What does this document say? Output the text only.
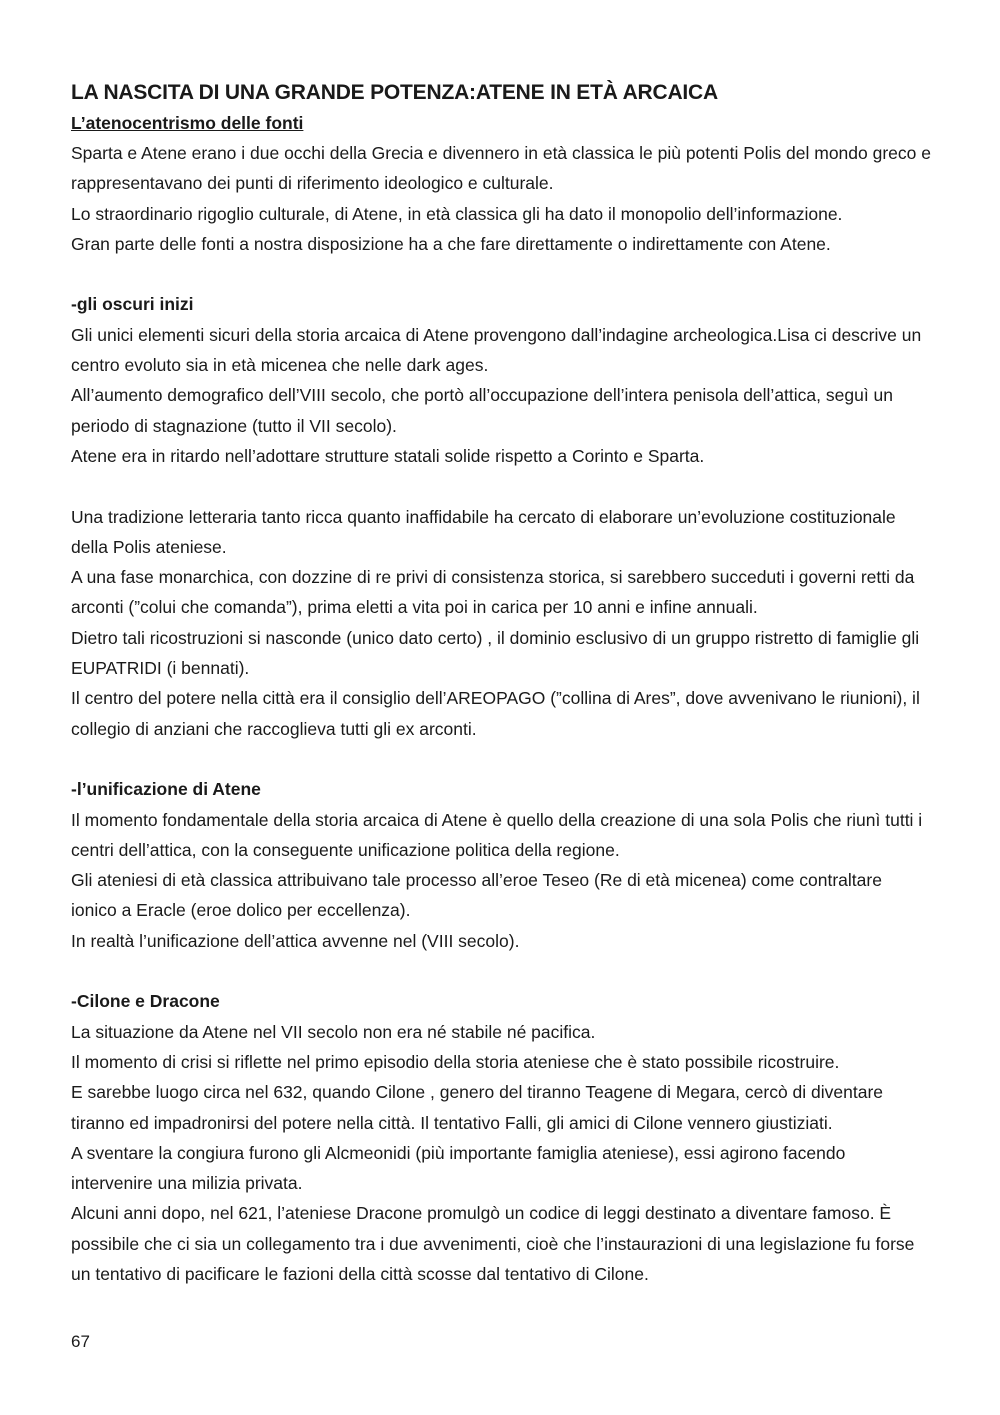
LA NASCITA DI UNA GRANDE POTENZA:ATENE IN ETÀ ARCAICA
L’atenocentrismo delle fonti

Sparta e Atene erano i due occhi della Grecia e divennero in età classica le più potenti Polis del mondo greco e rappresentavano dei punti di riferimento ideologico e culturale.

Lo straordinario rigoglio culturale, di Atene, in età classica gli ha dato il monopolio dell’informazione.

Gran parte delle fonti a nostra disposizione ha a che fare direttamente o indirettamente con Atene.

-gli oscuri inizi

Gli unici elementi sicuri della storia arcaica di Atene provengono dall’indagine archeologica.Lisa ci descrive un centro evoluto sia in età micenea che nelle dark ages.

All’aumento demografico dell’VIII secolo, che portò all’occupazione dell’intera penisola dell’attica, seguì un periodo di stagnazione (tutto il VII secolo).

Atene era in ritardo nell’adottare strutture statali solide rispetto a Corinto e Sparta.

Una tradizione letteraria tanto ricca quanto inaffidabile ha cercato di elaborare un’evoluzione costituzionale della Polis ateniese.

A una fase monarchica, con dozzine di re privi di consistenza storica, si sarebbero succeduti i governi retti da arconti (”colui che comanda”), prima eletti a vita poi in carica per 10 anni e infine annuali.

Dietro tali ricostruzioni si nasconde (unico dato certo) , il dominio esclusivo di un gruppo ristretto di famiglie gli EUPATRIDI (i bennati).

Il centro del potere nella città era il consiglio dell’AREOPAGO (”collina di Ares”, dove avvenivano le riunioni), il collegio di anziani che raccoglieva tutti gli ex arconti.

-l’unificazione di Atene

Il momento fondamentale della storia arcaica di Atene è quello della creazione di una sola Polis che riunì tutti i centri dell’attica, con la conseguente unificazione politica della regione.

Gli ateniesi di età classica attribuivano tale processo all’eroe Teseo (Re di età micenea) come contraltare ionico a Eracle (eroe dolico per eccellenza).

In realtà l’unificazione dell’attica avvenne nel (VIII secolo).

-Cilone e Dracone

La situazione da Atene nel VII secolo non era né stabile né pacifica.

Il momento di crisi si riflette nel primo episodio della storia ateniese che è stato possibile ricostruire.

E sarebbe luogo circa nel 632, quando Cilone , genero del tiranno Teagene di Megara, cercò di diventare tiranno ed impadronirsi del potere nella città. Il tentativo Falli, gli amici di Cilone vennero giustiziati.

A sventare la congiura furono gli Alcmeonidi (più importante famiglia ateniese), essi agirono facendo intervenire una milizia privata.

Alcuni anni dopo, nel 621, l’ateniese Dracone promulgò un codice di leggi destinato a diventare famoso. È possibile che ci sia un collegamento tra i due avvenimenti, cioè che l’instaurazioni di una legislazione fu forse un tentativo di pacificare le fazioni della città scosse dal tentativo di Cilone.

67
